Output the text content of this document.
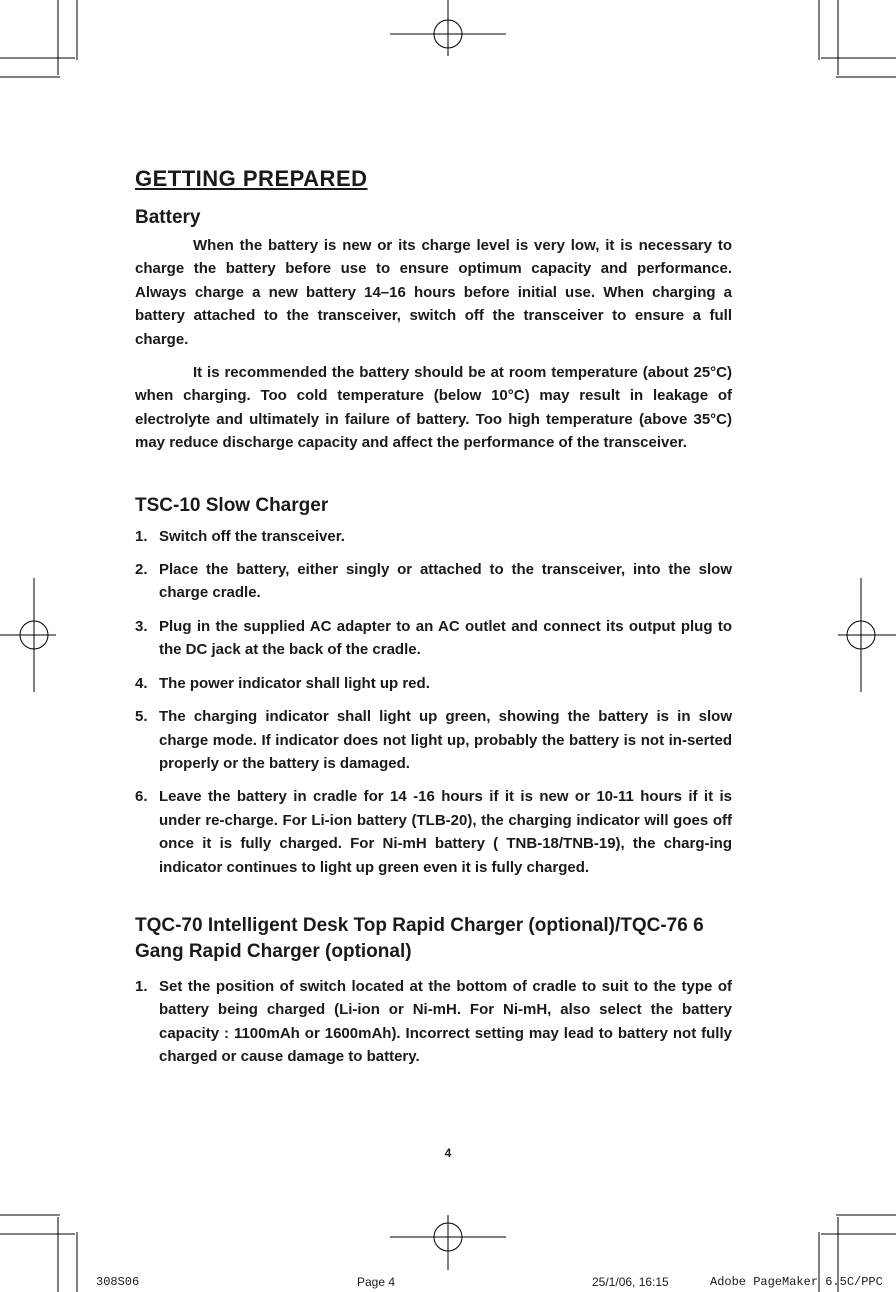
GETTING PREPARED
Battery

When the battery is new or its charge level is very low, it is necessary to charge the battery before use to ensure optimum capacity and performance. Always charge a new battery 14–16 hours before initial use. When charging a battery attached to the transceiver, switch off the transceiver to ensure a full charge.

It is recommended the battery should be at room temperature (about 25°C) when charging. Too cold temperature (below 10°C) may result in leakage of electrolyte and ultimately in failure of battery. Too high temperature (above 35°C) may reduce discharge capacity and affect the performance of the transceiver.

TSC-10 Slow Charger
1. Switch off the transceiver.
2. Place the battery, either singly or attached to the transceiver, into the slow charge cradle.
3. Plug in the supplied AC adapter to an AC outlet and connect its output plug to the DC jack at the back of the cradle.
4. The power indicator shall light up red.
5. The charging indicator shall light up green, showing the battery is in slow charge mode. If indicator does not light up, probably the battery is not in-serted properly or the battery is damaged.
6. Leave the battery in cradle for 14 -16 hours if it is new or 10-11 hours if it is under re-charge. For Li-ion battery (TLB-20), the charging indicator will goes off once it is fully charged. For Ni-mH battery ( TNB-18/TNB-19), the charg-ing indicator continues to light up green even it is fully charged.
TQC-70 Intelligent Desk Top Rapid Charger (optional)/TQC-76 6 Gang Rapid Charger (optional)
1. Set the position of switch located at the bottom of cradle to suit to the type of battery being charged (Li-ion or Ni-mH. For Ni-mH, also select the battery capacity : 1100mAh or 1600mAh). Incorrect setting may lead to battery not fully charged or cause damage to battery.
4
308S06	Page 4	25/1/06, 16:15	Adobe PageMaker 6.5C/PPC
